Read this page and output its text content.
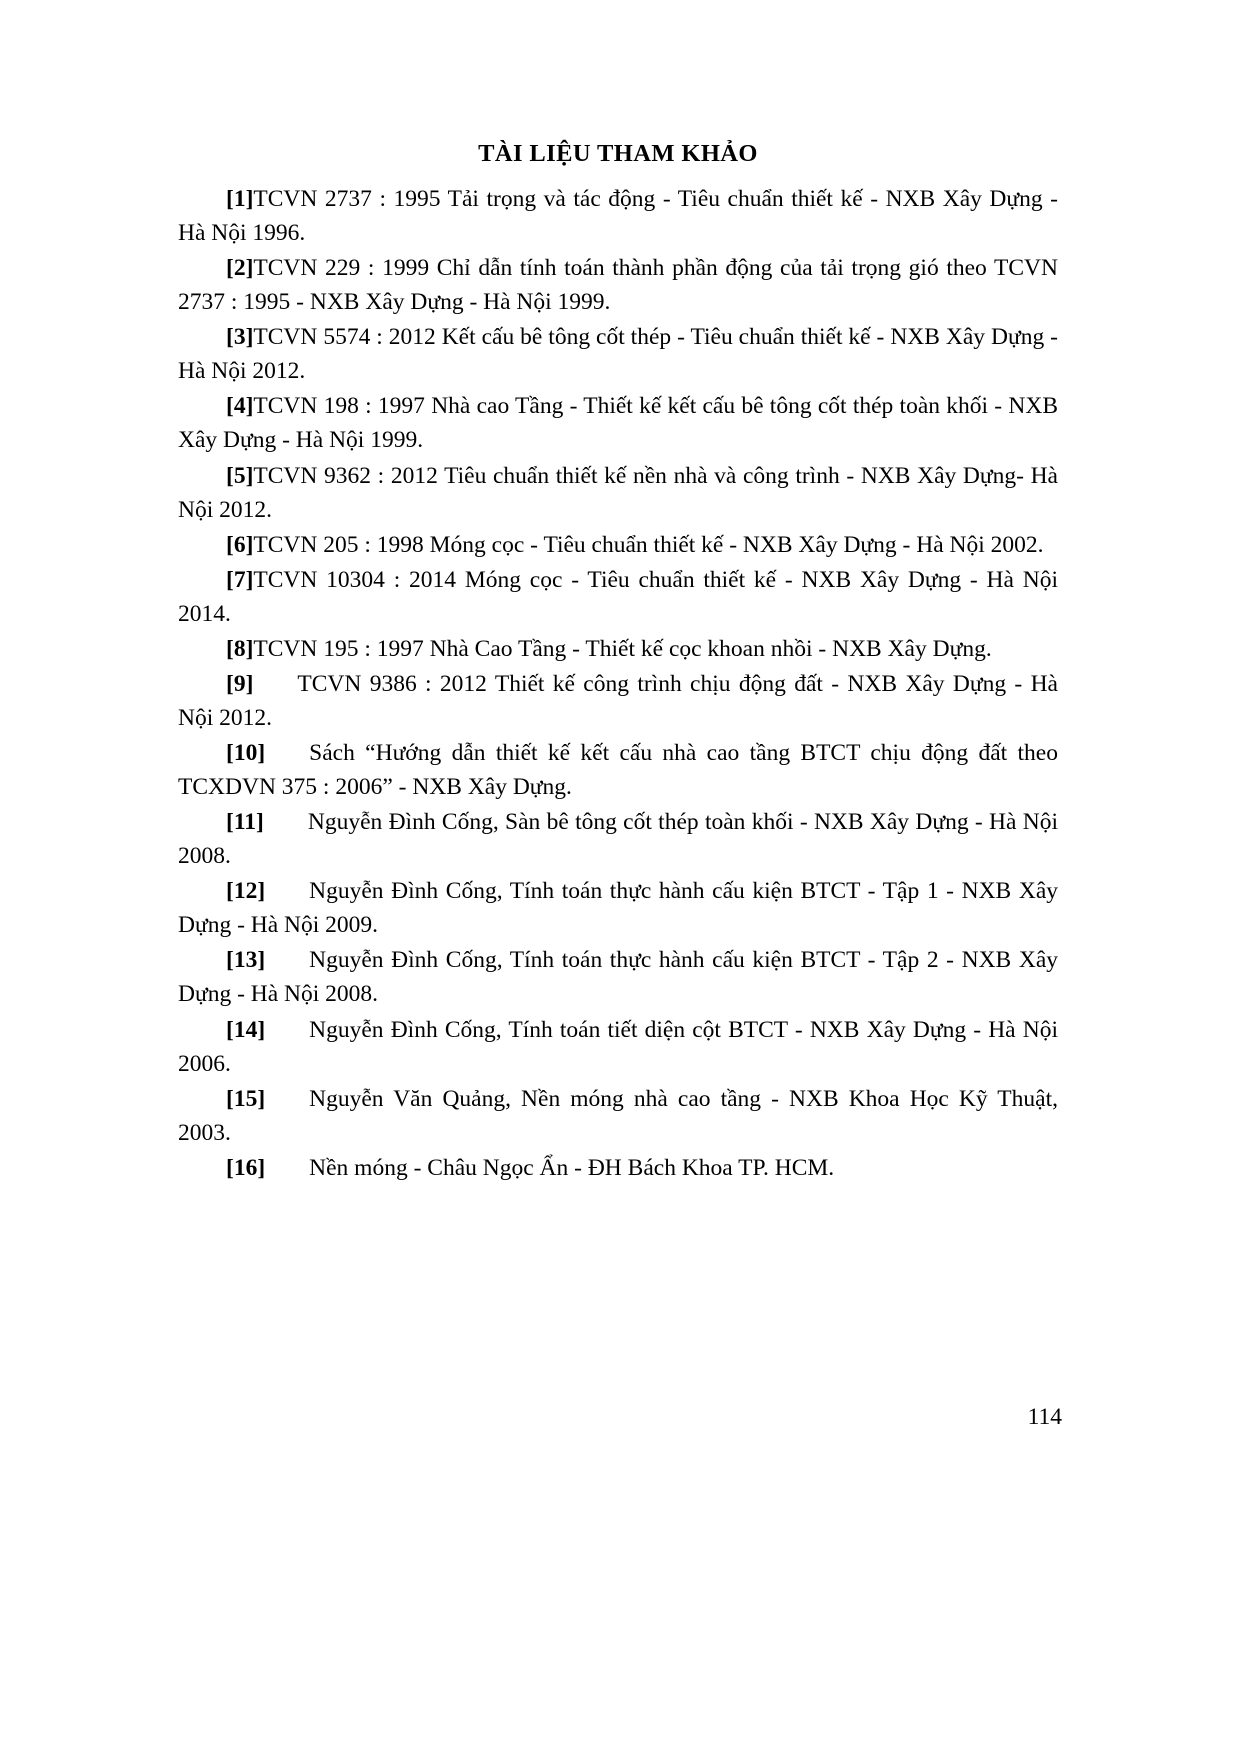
TÀI LIỆU THAM KHẢO
[1]TCVN 2737 : 1995 Tải trọng và tác động - Tiêu chuẩn thiết kế - NXB Xây Dựng - Hà Nội 1996.
[2]TCVN 229 : 1999 Chỉ dẫn tính toán thành phần động của tải trọng gió theo TCVN 2737 : 1995 - NXB Xây Dựng - Hà Nội 1999.
[3]TCVN 5574 : 2012 Kết cấu bê tông cốt thép - Tiêu chuẩn thiết kế - NXB Xây Dựng - Hà Nội 2012.
[4]TCVN 198 : 1997 Nhà cao Tầng - Thiết kế kết cấu bê tông cốt thép toàn khối - NXB Xây Dựng - Hà Nội 1999.
[5]TCVN 9362 : 2012 Tiêu chuẩn thiết kế nền nhà và công trình - NXB Xây Dựng- Hà Nội 2012.
[6]TCVN 205 : 1998 Móng cọc - Tiêu chuẩn thiết kế - NXB Xây Dựng - Hà Nội 2002.
[7]TCVN 10304 : 2014 Móng cọc - Tiêu chuẩn thiết kế - NXB Xây Dựng - Hà Nội 2014.
[8]TCVN 195 : 1997 Nhà Cao Tầng - Thiết kế cọc khoan nhồi - NXB Xây Dựng.
[9] TCVN 9386 : 2012 Thiết kế công trình chịu động đất - NXB Xây Dựng - Hà Nội 2012.
[10] Sách “Hướng dẫn thiết kế kết cấu nhà cao tầng BTCT chịu động đất theo TCXDVN 375 : 2006” - NXB Xây Dựng.
[11] Nguyễn Đình Cống, Sàn bê tông cốt thép toàn khối - NXB Xây Dựng - Hà Nội 2008.
[12] Nguyễn Đình Cống, Tính toán thực hành cấu kiện BTCT - Tập 1 - NXB Xây Dựng - Hà Nội 2009.
[13] Nguyễn Đình Cống, Tính toán thực hành cấu kiện BTCT - Tập 2 - NXB Xây Dựng - Hà Nội 2008.
[14] Nguyễn Đình Cống, Tính toán tiết diện cột BTCT - NXB Xây Dựng - Hà Nội 2006.
[15] Nguyễn Văn Quảng, Nền móng nhà cao tầng - NXB Khoa Học Kỹ Thuật, 2003.
[16] Nền móng - Châu Ngọc Ẩn - ĐH Bách Khoa TP. HCM.
114
